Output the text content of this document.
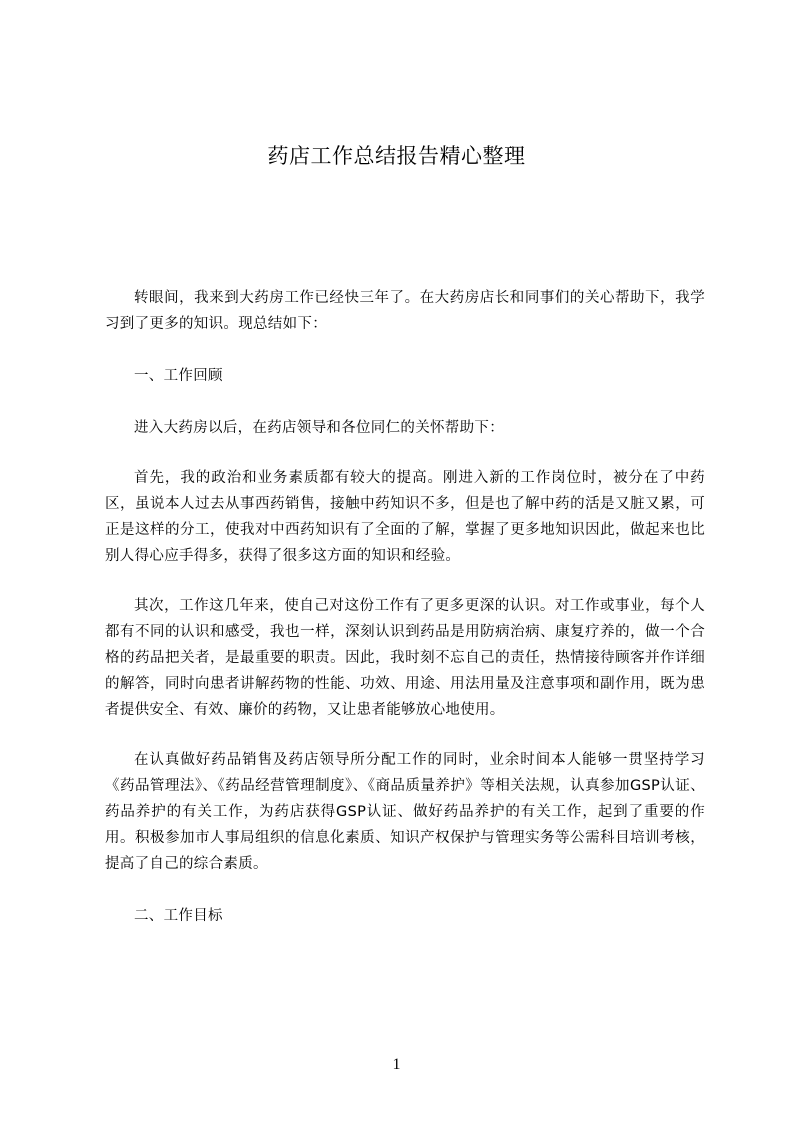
药店工作总结报告精心整理

转眼间，我来到大药房工作已经快三年了。在大药房店长和同事们的关心帮助下，我学习到了更多的知识。现总结如下：

一、工作回顾

进入大药房以后，在药店领导和各位同仁的关怀帮助下：

首先，我的政治和业务素质都有较大的提高。刚进入新的工作岗位时，被分在了中药区，虽说本人过去从事西药销售，接触中药知识不多，但是也了解中药的活是又脏又累，可正是这样的分工，使我对中西药知识有了全面的了解，掌握了更多地知识因此，做起来也比别人得心应手得多，获得了很多这方面的知识和经验。

其次，工作这几年来，使自己对这份工作有了更多更深的认识。对工作或事业，每个人都有不同的认识和感受，我也一样，深刻认识到药品是用防病治病、康复疗养的，做一个合格的药品把关者，是最重要的职责。因此，我时刻不忘自己的责任，热情接待顾客并作详细的解答，同时向患者讲解药物的性能、功效、用途、用法用量及注意事项和副作用，既为患者提供安全、有效、廉价的药物，又让患者能够放心地使用。

在认真做好药品销售及药店领导所分配工作的同时，业余时间本人能够一贯坚持学习《药品管理法》、《药品经营管理制度》、《商品质量养护》等相关法规，认真参加GSP认证、药品养护的有关工作，为药店获得GSP认证、做好药品养护的有关工作，起到了重要的作用。积极参加市人事局组织的信息化素质、知识产权保护与管理实务等公需科目培训考核，提高了自己的综合素质。

二、工作目标

1
